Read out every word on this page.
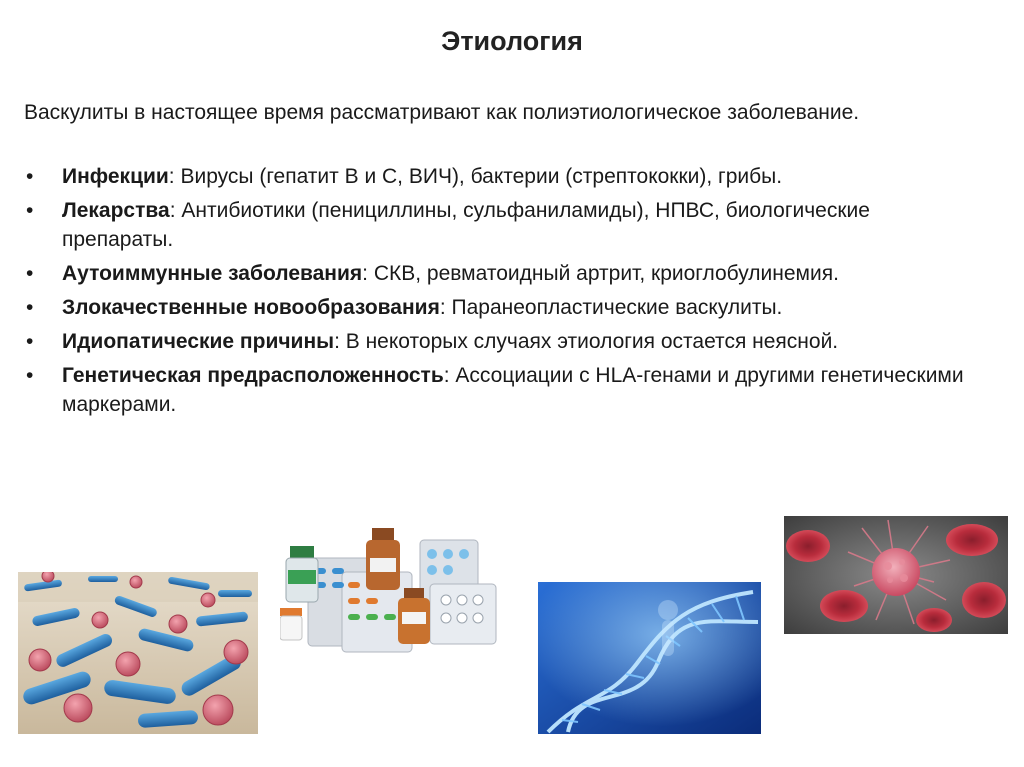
Этиология
Васкулиты в настоящее время рассматривают как полиэтиологическое заболевание.
• Инфекции: Вирусы (гепатит В и С, ВИЧ), бактерии (стрептококки), грибы.
• Лекарства: Антибиотики (пенициллины, сульфаниламиды), НПВС, биологические препараты.
• Аутоиммунные заболевания: СКВ, ревматоидный артрит, криоглобулинемия.
• Злокачественные новообразования: Паранеопластические васкулиты.
• Идиопатические причины: В некоторых случаях этиология остается неясной.
• Генетическая предрасположенность: Ассоциации с HLA-генами и другими генетическими маркерами.
